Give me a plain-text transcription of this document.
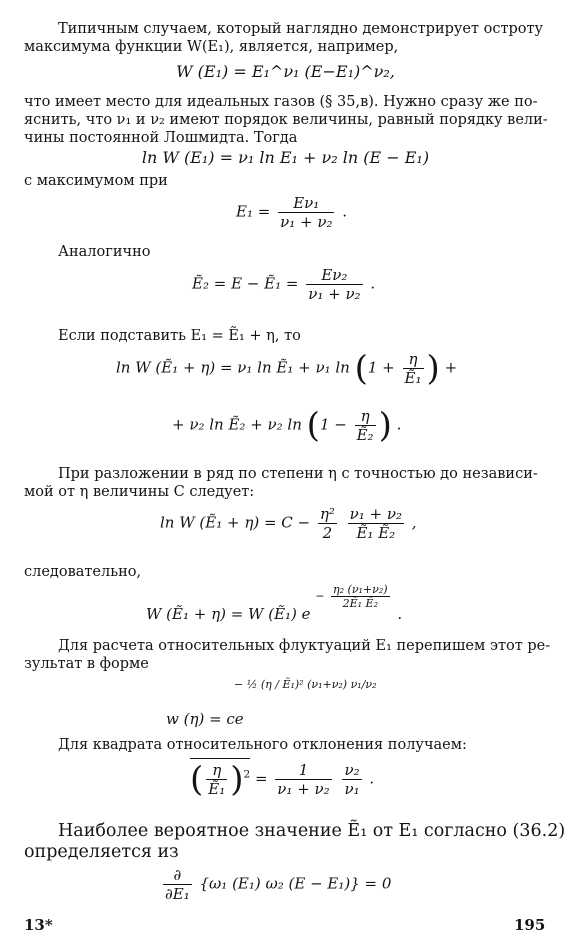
Типичным случаем, который наглядно демонстрирует остроту
максимума функции W(E₁), является, например,
W (E₁) = E₁^ν₁ (E−E₁)^ν₂,
что имеет место для идеальных газов (§ 35,в). Нужно сразу же по-
яснить, что ν₁ и ν₂ имеют порядок величины, равный порядку вели-
чины постоянной Лошмидта. Тогда
ln W (E₁) = ν₁ ln E₁ + ν₂ ln (E − E₁)
с максимумом при
$E_1 = \frac{\text{Eν₁}}{\text{ν₁ + ν₂}}$ .
Аналогично
Ẽ₂ = E − Ẽ₁ = $\frac{\text{Eν₂}}{\text{ν₁ + ν₂}}$ .
Если подставить E₁ = Ẽ₁ + η, то
ln W (Ẽ₁ + η) = ν₁ ln Ẽ₁ + ν₁ $\ln (1 + \frac{\eta}{\text{Ẽ₁}}$ ) +
+ ν₂ ln Ẽ₂ + ν₂ $\ln (1 - \frac{\eta}{\text{Ẽ₂}}$ ) .
При разложении в ряд по степени η с точностью до независи-
мой от η величины C следует:
ln W (Ẽ₁ + $\eta) = C - \frac{\text{η²}}{2}$
$\frac{\text{ν₁ + ν₂}}{\text{Ẽ₁ Ẽ₂}}$ ,
следовательно,
W (Ẽ₁ + η) = W (Ẽ₁) $e - \frac{\text{η₂ (ν₁+ν₂)}}{\text{2Ẽ₁ Ẽ₂}}$
.
Для расчета относительных флуктуаций E₁ перепишем этот ре-
зультат в форме
− ½ (η / Ẽ₁)² (ν₁+ν₂) ν₁/ν₂
w (η) = ce
Для квадрата относительного отклонения получаем:
( $\frac{\eta}{\text{Ẽ₁}} )^2 = \frac{1}{\text{ν₁ + ν₂}}$
$\frac{\text{ν₂}}{\text{ν₁}}$ .
Наиболее вероятное значение Ẽ₁ от E₁ согласно (36.2)
определяется из
$\frac{\partial}{\text{∂E₁}} \{\omega_1$ (E₁) ω₂ (E − E₁)} = 0
13*	195
